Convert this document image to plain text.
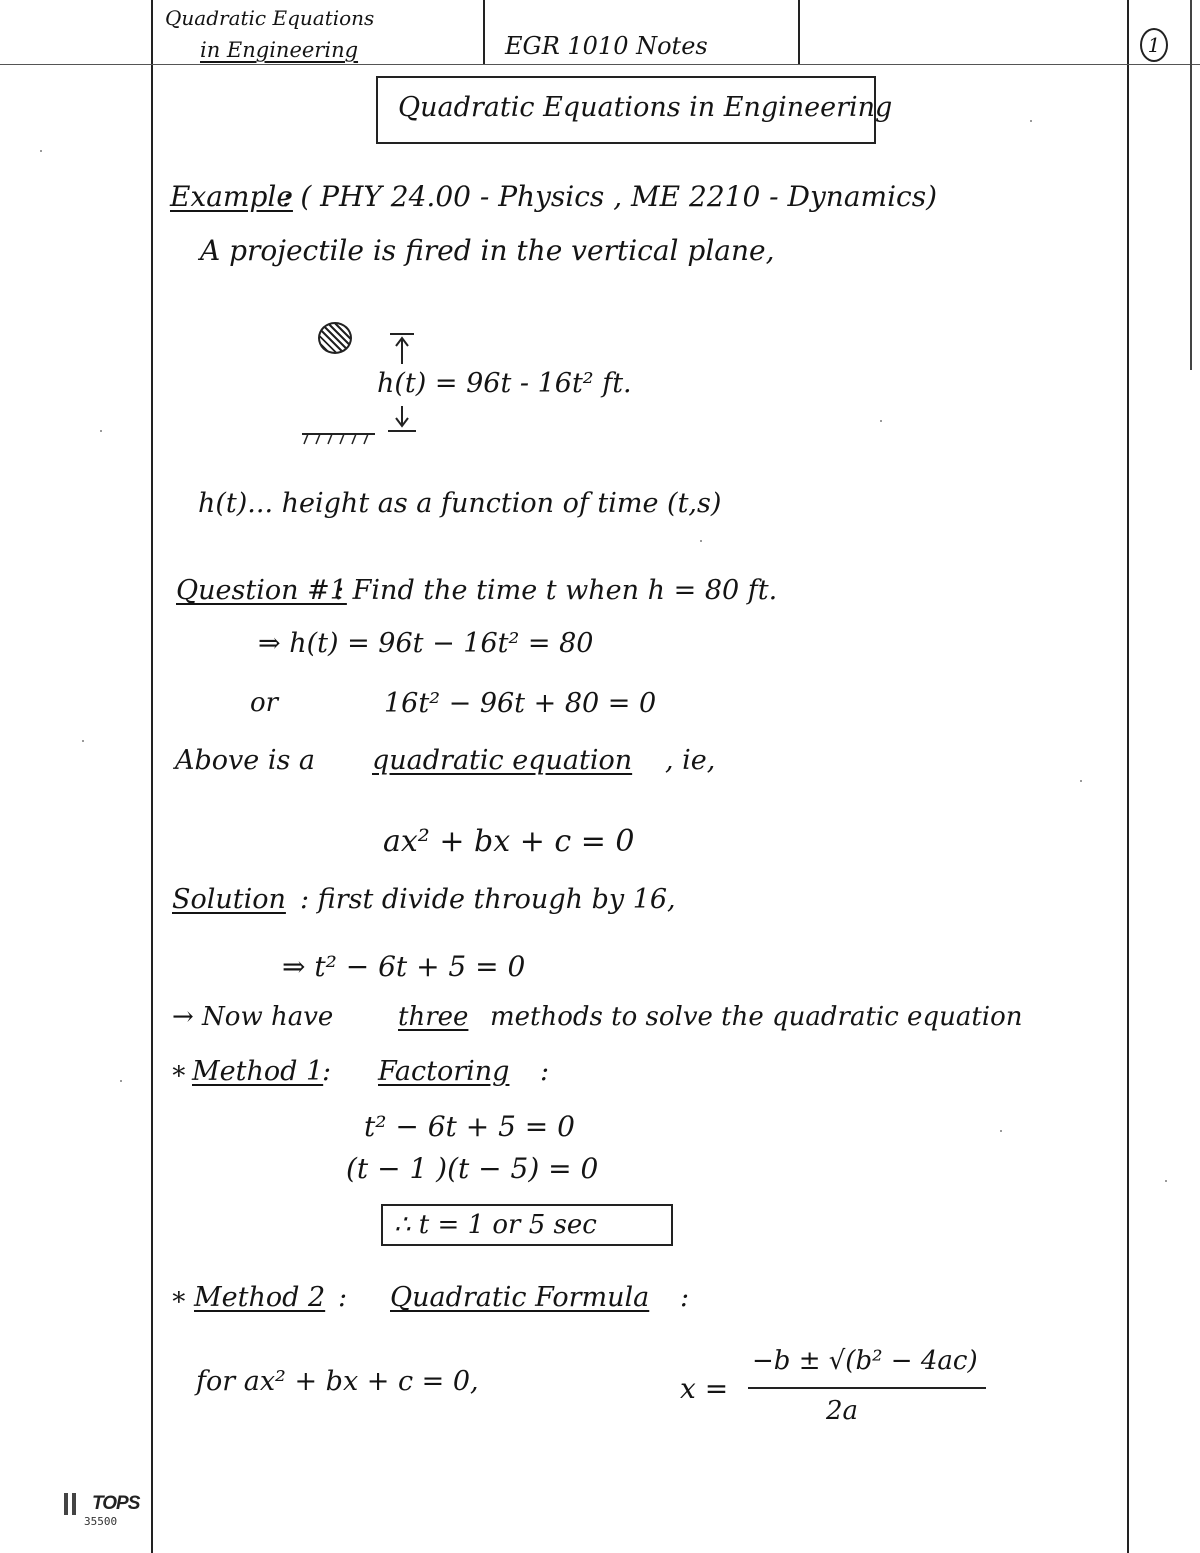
Quadratic Equations
in Engineering	EGR 1010 Notes	1
Quadratic Equations in Engineering
Example
: ( PHY 24.00 - Physics , ME 2210 - Dynamics)
A projectile is fired in the vertical plane,
h(t) = 96t - 16t² ft.
h(t)... height as a function of time (t,s)
Question #1
: Find the time t when h = 80 ft.
⇒ h(t) = 96t − 16t² = 80
or	16t² − 96t + 80 = 0
Above is a quadratic equation , ie,
ax² + bx + c = 0
Solution : first divide through by 16,
⇒ t² − 6t + 5 = 0
→ Now have three methods to solve the quadratic equation
∗ Method 1
: Factoring :
t² − 6t + 5 = 0
(t − 1 )(t − 5) = 0
∴ t = 1 or 5 sec
∗ Method 2 : Quadratic Formula :
for ax² + bx + c = 0,	x =
−b ± √(b² − 4ac)
2a
TOPS
35500
